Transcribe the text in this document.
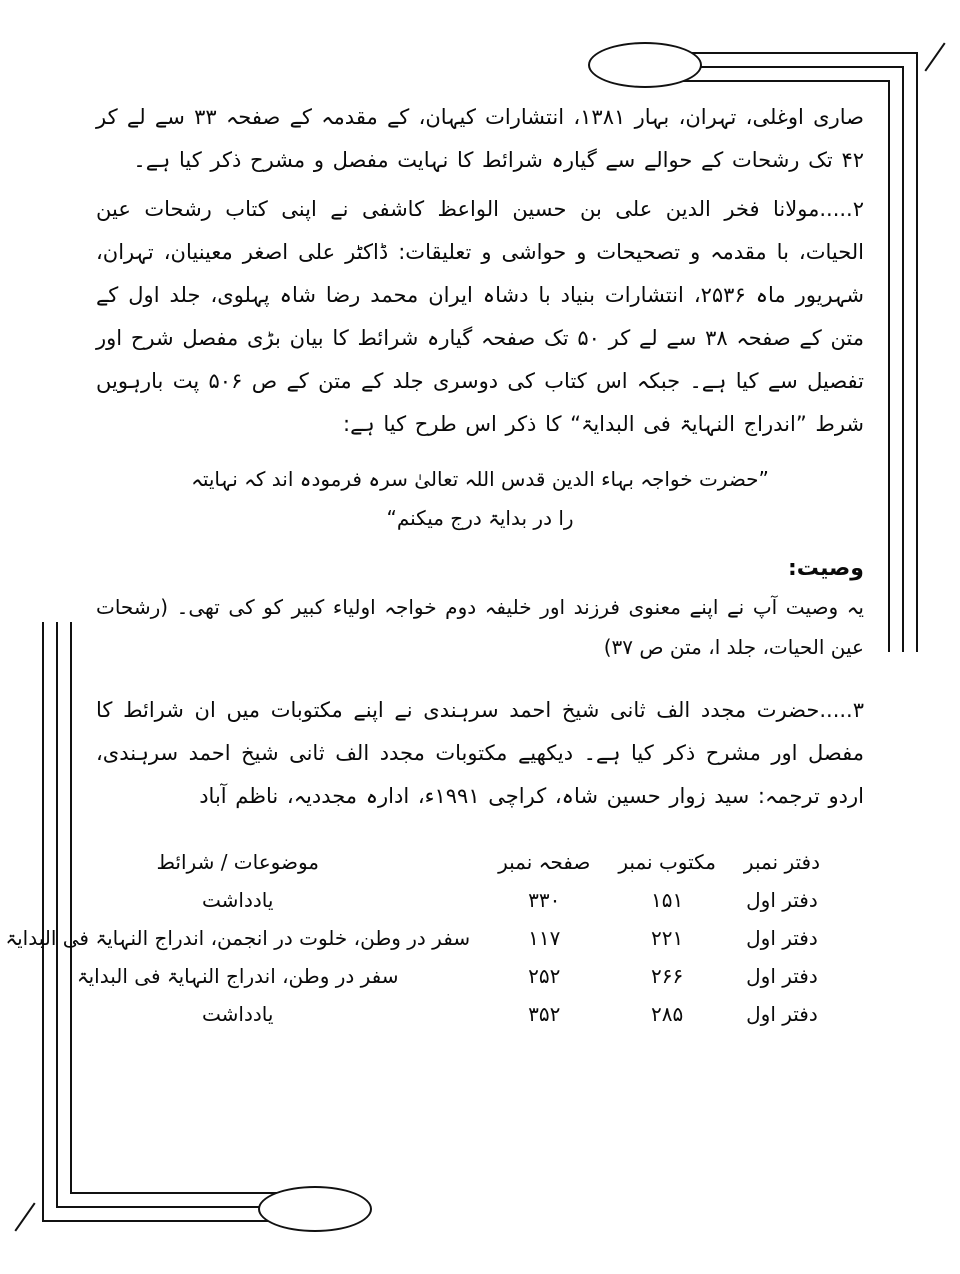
صاری اوغلی، تہران، بہار ۱۳۸۱، انتشارات کیہان، کے مقدمہ کے صفحہ ۳۳ سے لے کر ۴۲ تک رشحات کے حوالے سے گیارہ شرائط کا نہایت مفصل و مشرح ذکر کیا ہے۔

۲.....مولانا فخر الدین علی بن حسین الواعظ کاشفی نے اپنی کتاب رشحات عین الحیات، با مقدمہ و تصحیحات و حواشی و تعلیقات: ڈاکٹر علی اصغر معینیان، تہران، شہریور ماہ ۲۵۳۶، انتشارات بنیاد با دشاہ ایران محمد رضا شاہ پہلوی، جلد اول کے متن کے صفحہ ۳۸ سے لے کر ۵۰ تک صفحہ گیارہ شرائط کا بیان بڑی مفصل شرح اور تفصیل سے کیا ہے۔ جبکہ اس کتاب کی دوسری جلد کے متن کے ص ۵۰۶ پت بارہویں شرط ”اندراج النہایۃ فی البدایۃ“ کا ذکر اس طرح کیا ہے:

”حضرت خواجہ بہاء الدین قدس اللہ تعالیٰ سرہ فرمودہ اند کہ نہایتہ
را در بدایۃ درج میکنم“
وصیت:

یہ وصیت آپ نے اپنے معنوی فرزند اور خلیفہ دوم خواجہ اولیاء کبیر کو کی تھی۔ (رشحات عین الحیات، جلد ا، متن ص ۳۷)

۳.....حضرت مجدد الف ثانی شیخ احمد سرہندی نے اپنے مکتوبات میں ان شرائط کا مفصل اور مشرح ذکر کیا ہے۔ دیکھیے مکتوبات مجدد الف ثانی شیخ احمد سرہندی، اردو ترجمہ: سید زوار حسین شاہ، کراچی ۱۹۹۱ء، ادارہ مجددیہ، ناظم آباد

دفتر نمبر	مکتوب نمبر	صفحہ نمبر	موضوعات / شرائط
دفتر اول	۱۵۱	۳۳۰	یادداشت
دفتر اول	۲۲۱	۱۱۷	سفر در وطن، خلوت در انجمن، اندراج النہایۃ فی البدایۃ
دفتر اول	۲۶۶	۲۵۲	سفر در وطن، اندراج النہایۃ فی البدایۃ
دفتر اول	۲۸۵	۳۵۲	یادداشت
